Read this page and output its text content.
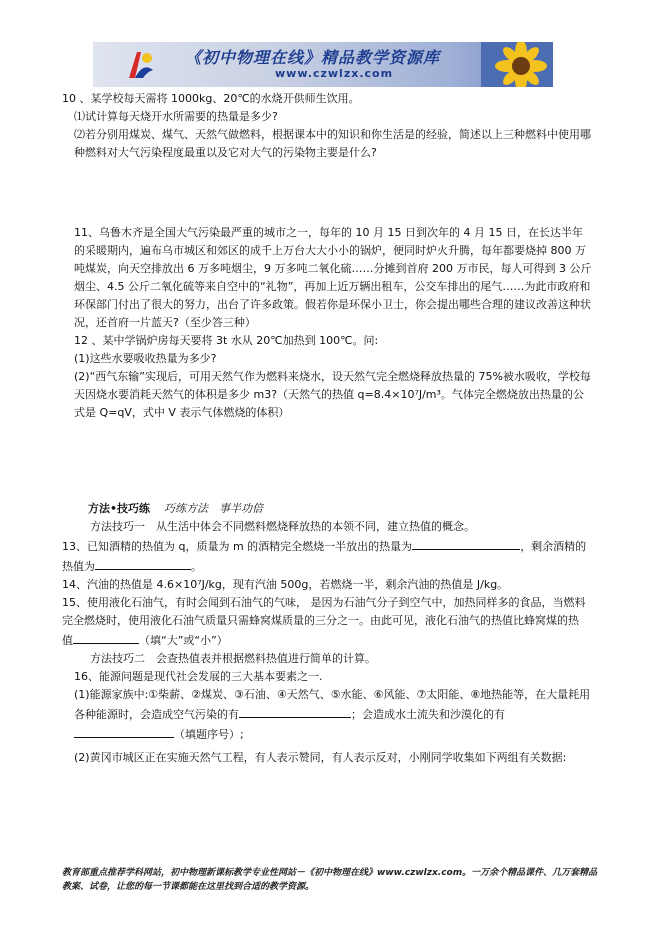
《初中物理在线》精品教学资源库
www.czwlzx.com

10 、某学校每天需将 1000kg、20℃的水烧开供师生饮用。

⑴试计算每天烧开水所需要的热量是多少?

⑵若分别用煤炭、煤气、天然气做燃料，根据课本中的知识和你生活是的经验，简述以上三种燃料中使用哪种燃料对大气污染程度最重以及它对大气的污染物主要是什么?

11、乌鲁木齐是全国大气污染最严重的城市之一，每年的 10 月 15 日到次年的 4 月 15 日，在长达半年的采暖期内，遍布乌市城区和郊区的成千上万台大大小小的锅炉，便同时炉火升腾，每年都要烧掉 800 万吨煤炭，向天空排放出 6 万多吨烟尘，9 万多吨二氧化硫……分摊到首府 200 万市民，每人可得到 3 公斤烟尘、4.5 公斤二氧化硫等来自空中的“礼物”，再加上近万辆出租车，公交车排出的尾气……为此市政府和环保部门付出了很大的努力，出台了许多政策。假若你是环保小卫士，你会提出哪些合理的建议改善这种状况，还首府一片蓝天?（至少答三种）

12 、某中学锅炉房每天要将 3t 水从 20℃加热到 100℃。问:

(1)这些水要吸收热量为多少?

(2)“西气东输”实现后，可用天然气作为燃料来烧水，设天然气完全燃烧释放热量的 75%被水吸收，学校每天因烧水要消耗天然气的体积是多少 m3?（天然气的热值 q=8.4×10⁷J/m³。气体完全燃烧放出热量的公式是 Q=qV，式中 V 表示气体燃烧的体积）

方法•技巧练 巧练方法　事半功倍

方法技巧一　从生活中体会不同燃料燃烧释放热的本领不同，建立热值的概念。

13、已知酒精的热值为 q，质量为 m 的酒精完全燃烧一半放出的热量为	，剩余酒精的热值为	。

14、汽油的热值是 4.6×10⁷J/kg，现有汽油 500g，若燃烧一半，剩余汽油的热值是 J/kg。

15、使用液化石油气，有时会闻到石油气的气味， 是因为石油气分子到空气中，加热同样多的食品，当燃料完全燃烧时，使用液化石油气质量只需蜂窝煤质量的三分之一。由此可见，液化石油气的热值比蜂窝煤的热

值	（填“大”或“小”）

方法技巧二　会查热值表并根据燃料热值进行简单的计算。

16、能源问题是现代社会发展的三大基本要素之一.

(1)能源家族中:①柴薪、②煤炭、③石油、④天然气、⑤水能、⑥风能、⑦太阳能、⑧地热能等，在大量耗用各种能源时，会造成空气污染的有	；会造成水土流失和沙漠化的有（填题序号）;

(2)黄冈市城区正在实施天然气工程，有人表示赞同，有人表示反对，小刚同学收集如下两组有关数据:

教育部重点推荐学科网站，初中物理新课标教学专业性网站－《初中物理在线》www.czwlzx.com。一万余个精品课件、几万套精品教案、试卷，让您的每一节课都能在这里找到合适的教学资源。
